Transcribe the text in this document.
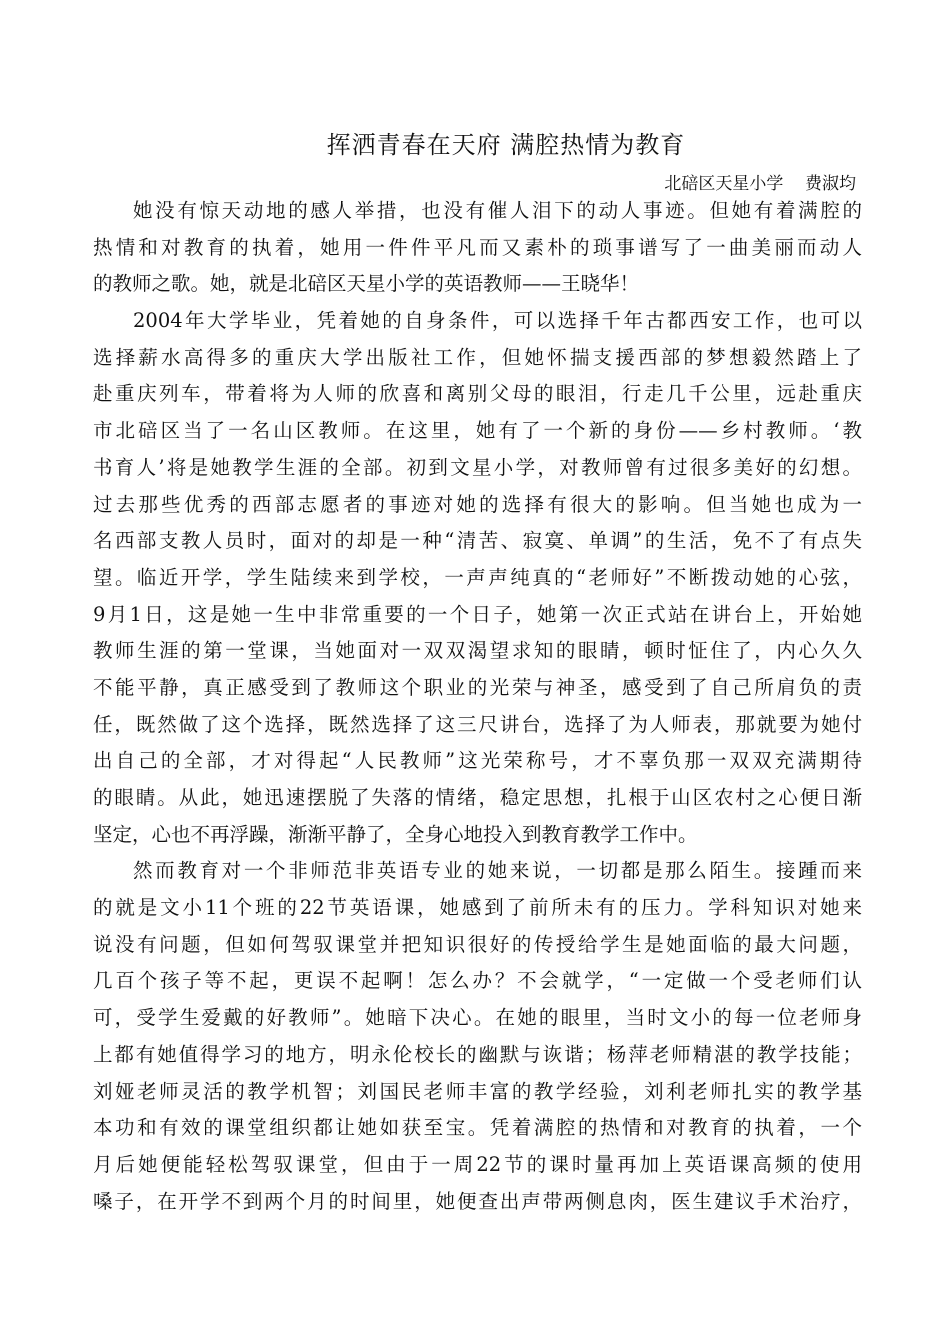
挥洒青春在天府 满腔热情为教育
北碚区天星小学    费淑均
她没有惊天动地的感人举措，也没有催人泪下的动人事迹。但她有着满腔的
热情和对教育的执着，她用一件件平凡而又素朴的琐事谱写了一曲美丽而动人
的教师之歌。她，就是北碚区天星小学的英语教师——王晓华！
2004年大学毕业，凭着她的自身条件，可以选择千年古都西安工作，也可以
选择薪水高得多的重庆大学出版社工作，但她怀揣支援西部的梦想毅然踏上了
赴重庆列车，带着将为人师的欣喜和离别父母的眼泪，行走几千公里，远赴重庆
市北碚区当了一名山区教师。在这里，她有了一个新的身份——乡村教师。‘教
书育人’将是她教学生涯的全部。初到文星小学，对教师曾有过很多美好的幻想。
过去那些优秀的西部志愿者的事迹对她的选择有很大的影响。但当她也成为一
名西部支教人员时，面对的却是一种“清苦、寂寞、单调”的生活，免不了有点失
望。临近开学，学生陆续来到学校，一声声纯真的“老师好”不断拨动她的心弦，
9月1日，这是她一生中非常重要的一个日子，她第一次正式站在讲台上，开始她
教师生涯的第一堂课，当她面对一双双渴望求知的眼睛，顿时怔住了，内心久久
不能平静，真正感受到了教师这个职业的光荣与神圣，感受到了自己所肩负的责
任，既然做了这个选择，既然选择了这三尺讲台，选择了为人师表，那就要为她付
出自己的全部，才对得起“人民教师”这光荣称号，才不辜负那一双双充满期待
的眼睛。从此，她迅速摆脱了失落的情绪，稳定思想，扎根于山区农村之心便日渐
坚定，心也不再浮躁，渐渐平静了，全身心地投入到教育教学工作中。
然而教育对一个非师范非英语专业的她来说，一切都是那么陌生。接踵而来
的就是文小11个班的22节英语课，她感到了前所未有的压力。学科知识对她来
说没有问题，但如何驾驭课堂并把知识很好的传授给学生是她面临的最大问题，
几百个孩子等不起，更误不起啊！怎么办？不会就学，“一定做一个受老师们认
可，受学生爱戴的好教师”。她暗下决心。在她的眼里，当时文小的每一位老师身
上都有她值得学习的地方，明永伦校长的幽默与诙谐；杨萍老师精湛的教学技能；
刘娅老师灵活的教学机智；刘国民老师丰富的教学经验，刘利老师扎实的教学基
本功和有效的课堂组织都让她如获至宝。凭着满腔的热情和对教育的执着，一个
月后她便能轻松驾驭课堂，但由于一周22节的课时量再加上英语课高频的使用
嗓子，在开学不到两个月的时间里，她便查出声带两侧息肉，医生建议手术治疗，
